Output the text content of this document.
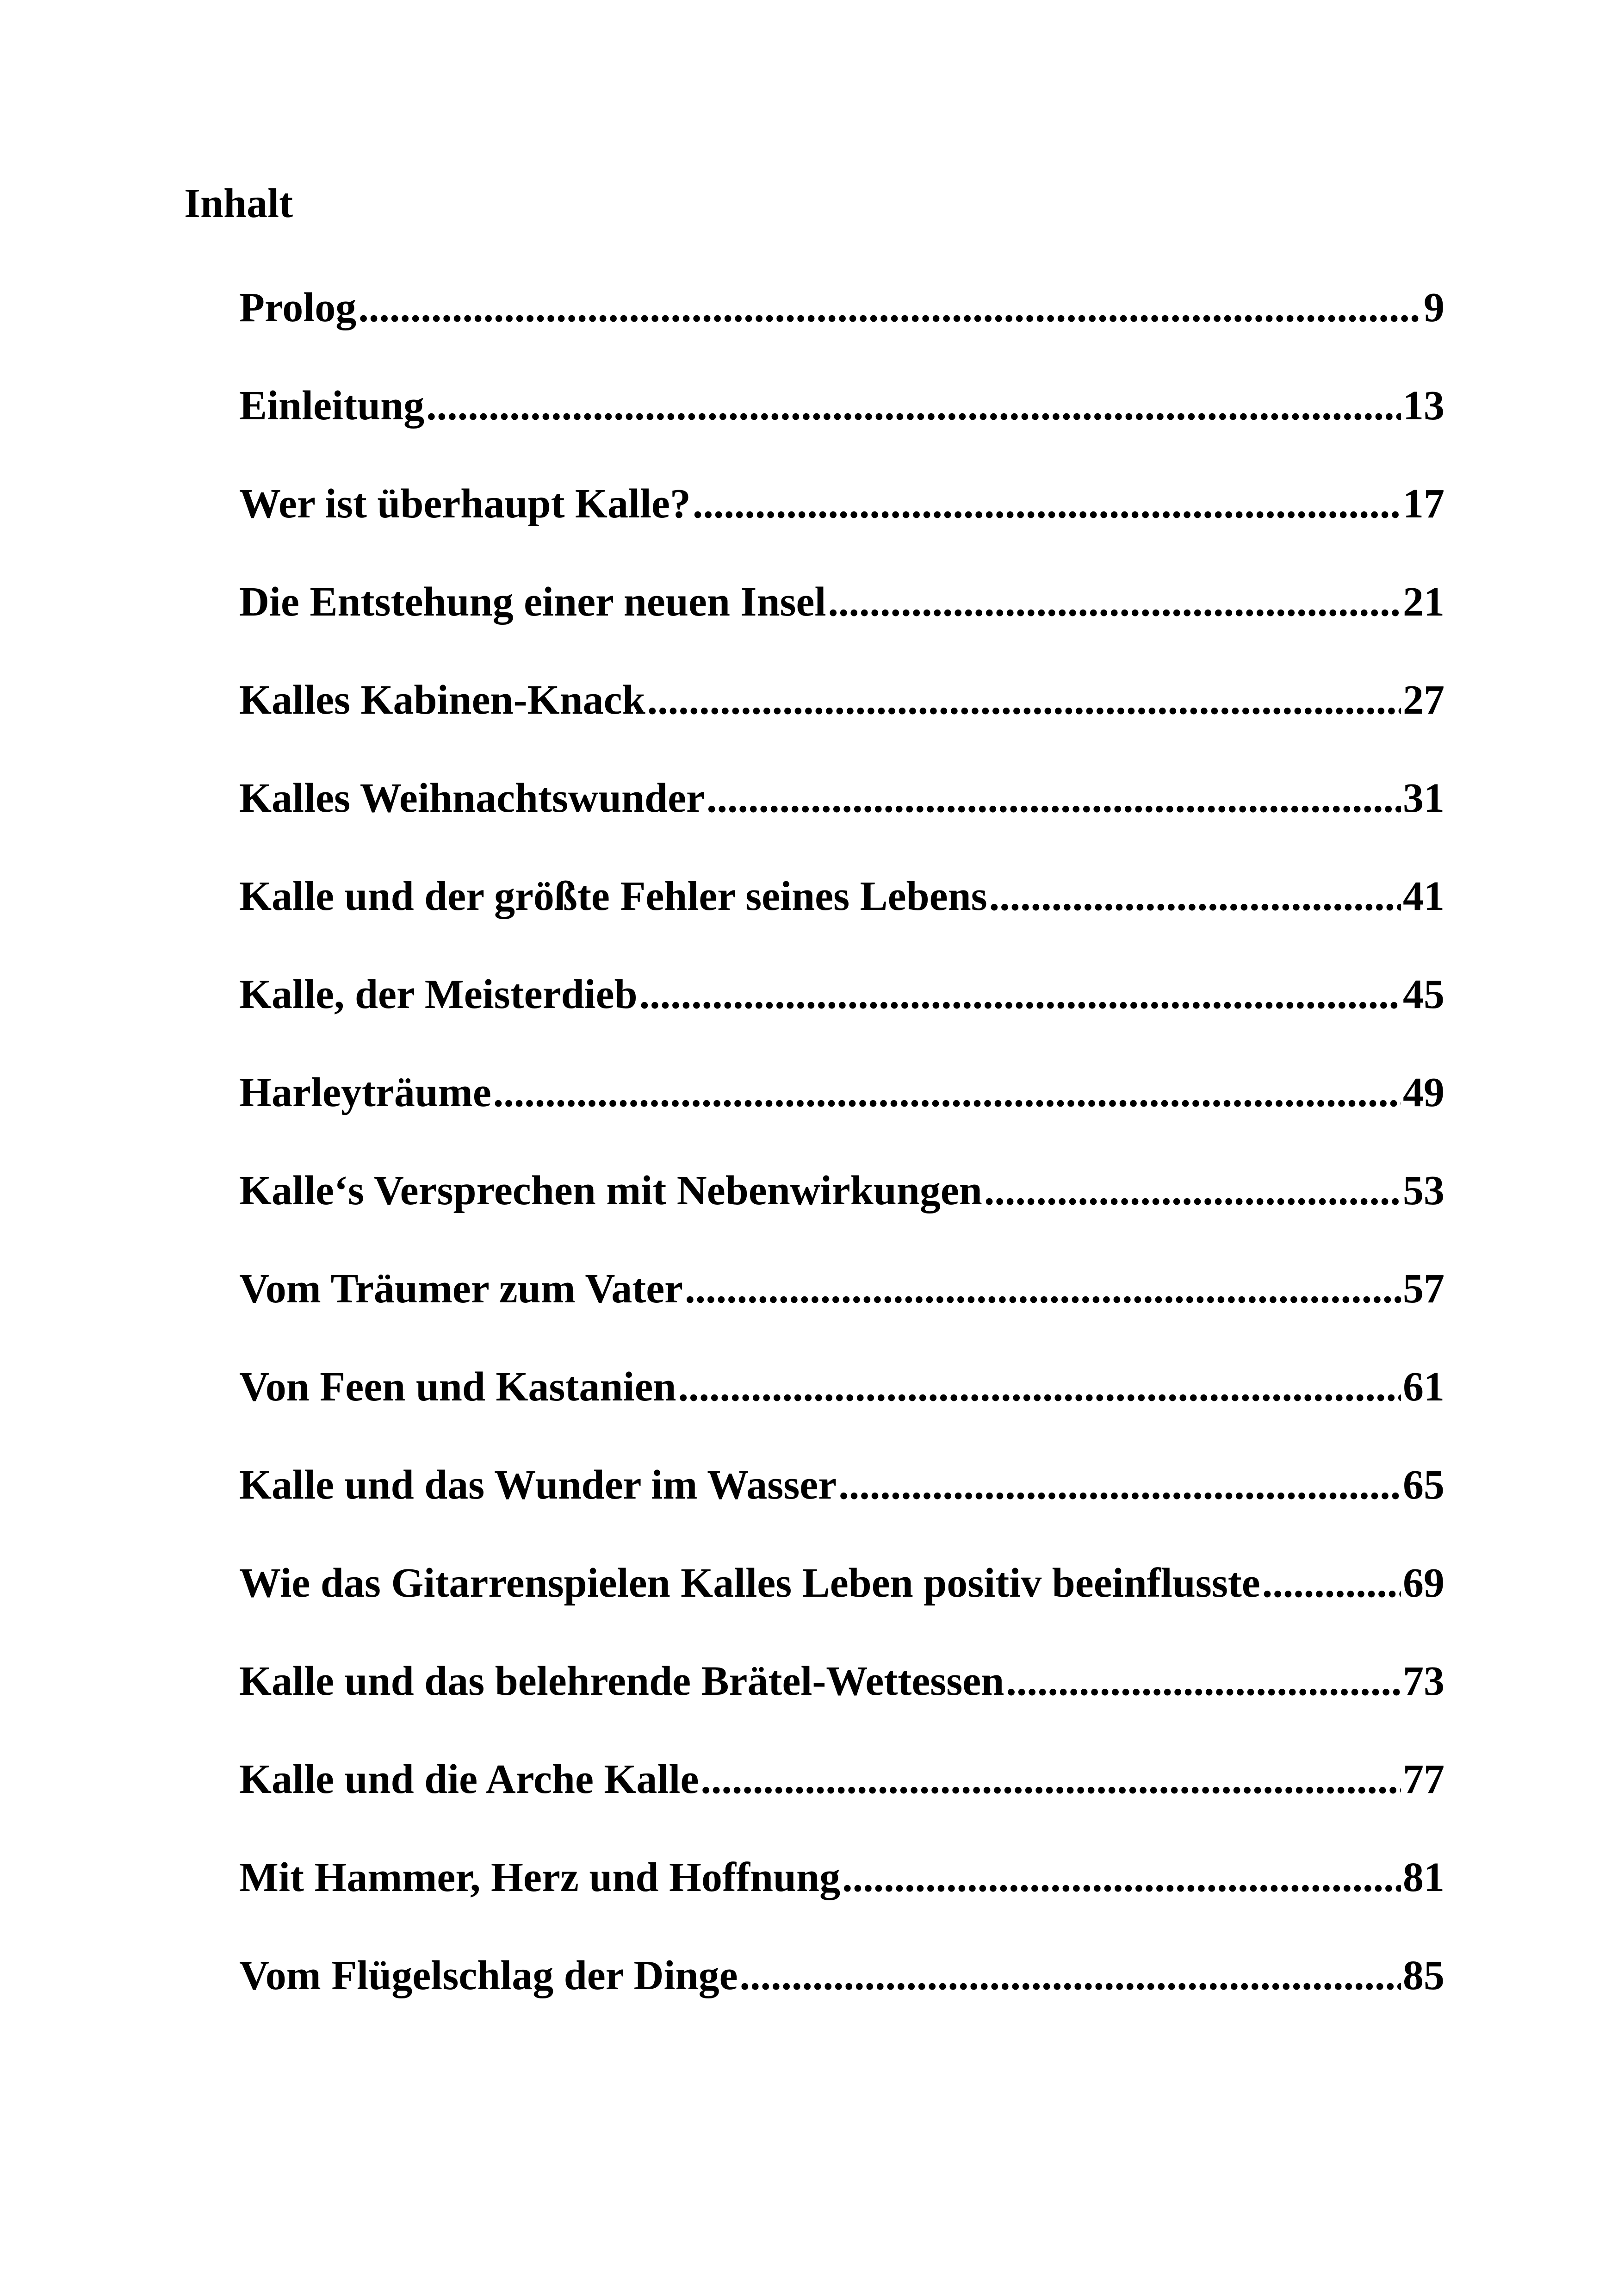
Inhalt
Prolog .....	9
Einleitung .....	13
Wer ist überhaupt Kalle? .....	17
Die Entstehung einer neuen Insel .....	21
Kalles Kabinen-Knack .....	27
Kalles Weihnachtswunder .....	31
Kalle und der größte Fehler seines Lebens .....	41
Kalle, der Meisterdieb .....	45
Harleyträume .....	49
Kalle‘s Versprechen mit Nebenwirkungen .....	53
Vom Träumer zum Vater .....	57
Von Feen und Kastanien .....	61
Kalle und das Wunder im Wasser .....	65
Wie das Gitarrenspielen Kalles Leben positiv beeinflusste .....	69
Kalle und das belehrende Brätel-Wettessen .....	73
Kalle und die Arche Kalle .....	77
Mit Hammer, Herz und Hoffnung .....	81
Vom Flügelschlag der Dinge .....	85
